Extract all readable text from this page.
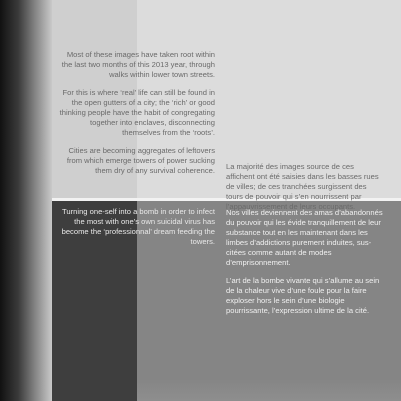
Most of these images have taken root within the last two months of this 2013 year, through walks within lower town streets.

For this is where ‘real’ life can still be found in the open gutters of a city; the ‘rich’ or good thinking people have the habit of congregating together into enclaves, disconnecting themselves from the ‘roots’.

Cities are becoming aggregates of leftovers from which emerge towers of power sucking them dry of any survival coherence.

Turning one-self into a bomb in order to infect the most with one’s own suicidal virus has become the ‘professionnal’ dream feeding the towers.

La majorité des images source de ces affichent ont été saisies dans les basses rues de villes; de ces tranchées surgissent des tours de pouvoir qui s’en nourrissent par l’appauvrissement de leurs occupants.

Nos villes deviennent des amas d’abandonnés du pouvoir qui les évide tranquillement de leur substance tout en les maintenant dans les limbes d’addictions purement induites, suscitées comme autant de modes d’emprisonnement.

L’art de la bombe vivante qui s’allume au sein de la chaleur vive d’une foule pour la faire exploser hors le sein d’une biologie pourrissante, l’expression ultime de la cité.
